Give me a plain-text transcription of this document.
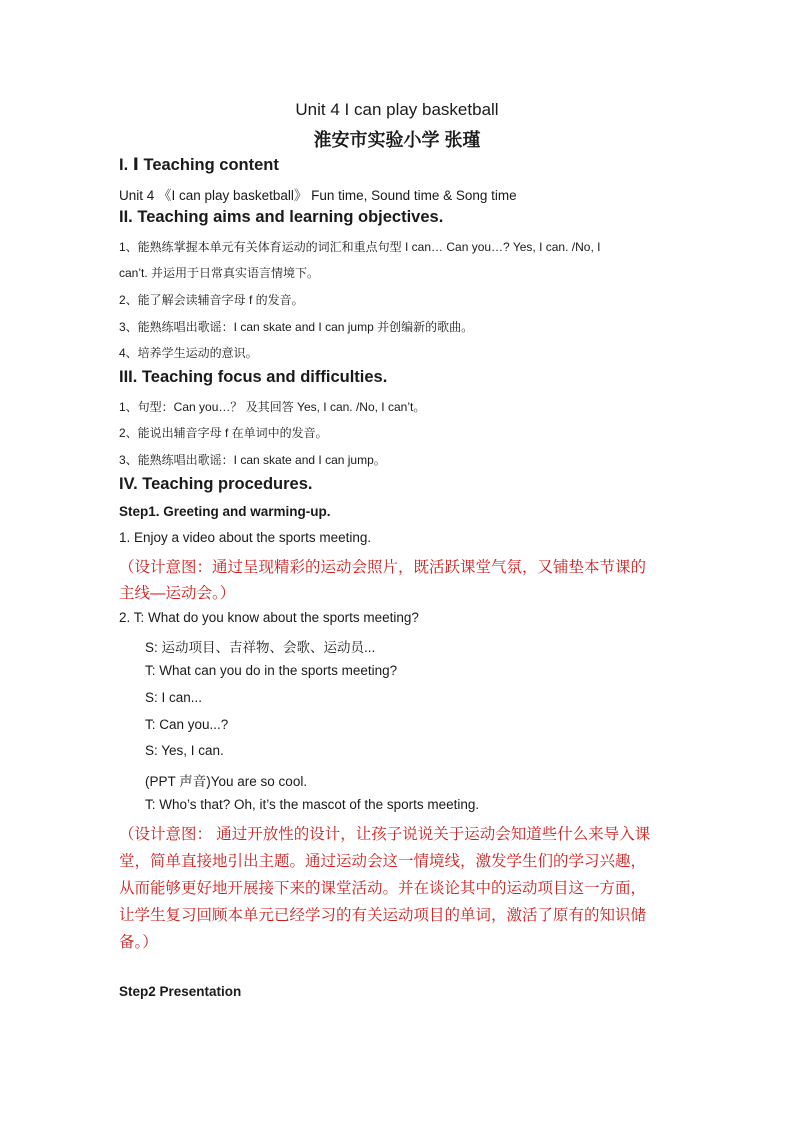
Unit 4 I can play basketball
淮安市实验小学 张瑾
I. Ⅰ Teaching content
Unit 4 《I can play basketball》 Fun time, Sound time & Song time
II. Teaching aims and learning objectives.
1、能熟练掌握本单元有关体育运动的词汇和重点句型 I can… Can you…? Yes, I can. /No, I
can’t. 并运用于日常真实语言情境下。
2、能了解会读辅音字母 f 的发音。
3、能熟练唱出歌谣：I can skate and I can jump 并创编新的歌曲。
4、培养学生运动的意识。
III. Teaching focus and difficulties.
1、句型：Can you…？ 及其回答 Yes, I can. /No, I can’t。
2、能说出辅音字母 f 在单词中的发音。
3、能熟练唱出歌谣：I can skate and I can jump。
IV. Teaching procedures.
Step1. Greeting and warming-up.
1. Enjoy a video about the sports meeting.
（设计意图：通过呈现精彩的运动会照片，既活跃课堂气氛，又铺垫本节课的
主线—运动会。）
2. T: What do you know about the sports meeting?
S: 运动项目、吉祥物、会歌、运动员...
T: What can you do in the sports meeting?
S: I can...
T: Can you...?
S: Yes, I can.
(PPT 声音)You are so cool.
T: Who’s that? Oh, it’s the mascot of the sports meeting.
（设计意图： 通过开放性的设计，让孩子说说关于运动会知道些什么来导入课
堂，简单直接地引出主题。通过运动会这一情境线，激发学生们的学习兴趣，
从而能够更好地开展接下来的课堂活动。并在谈论其中的运动项目这一方面，
让学生复习回顾本单元已经学习的有关运动项目的单词，激活了原有的知识储
备。）
Step2 Presentation
